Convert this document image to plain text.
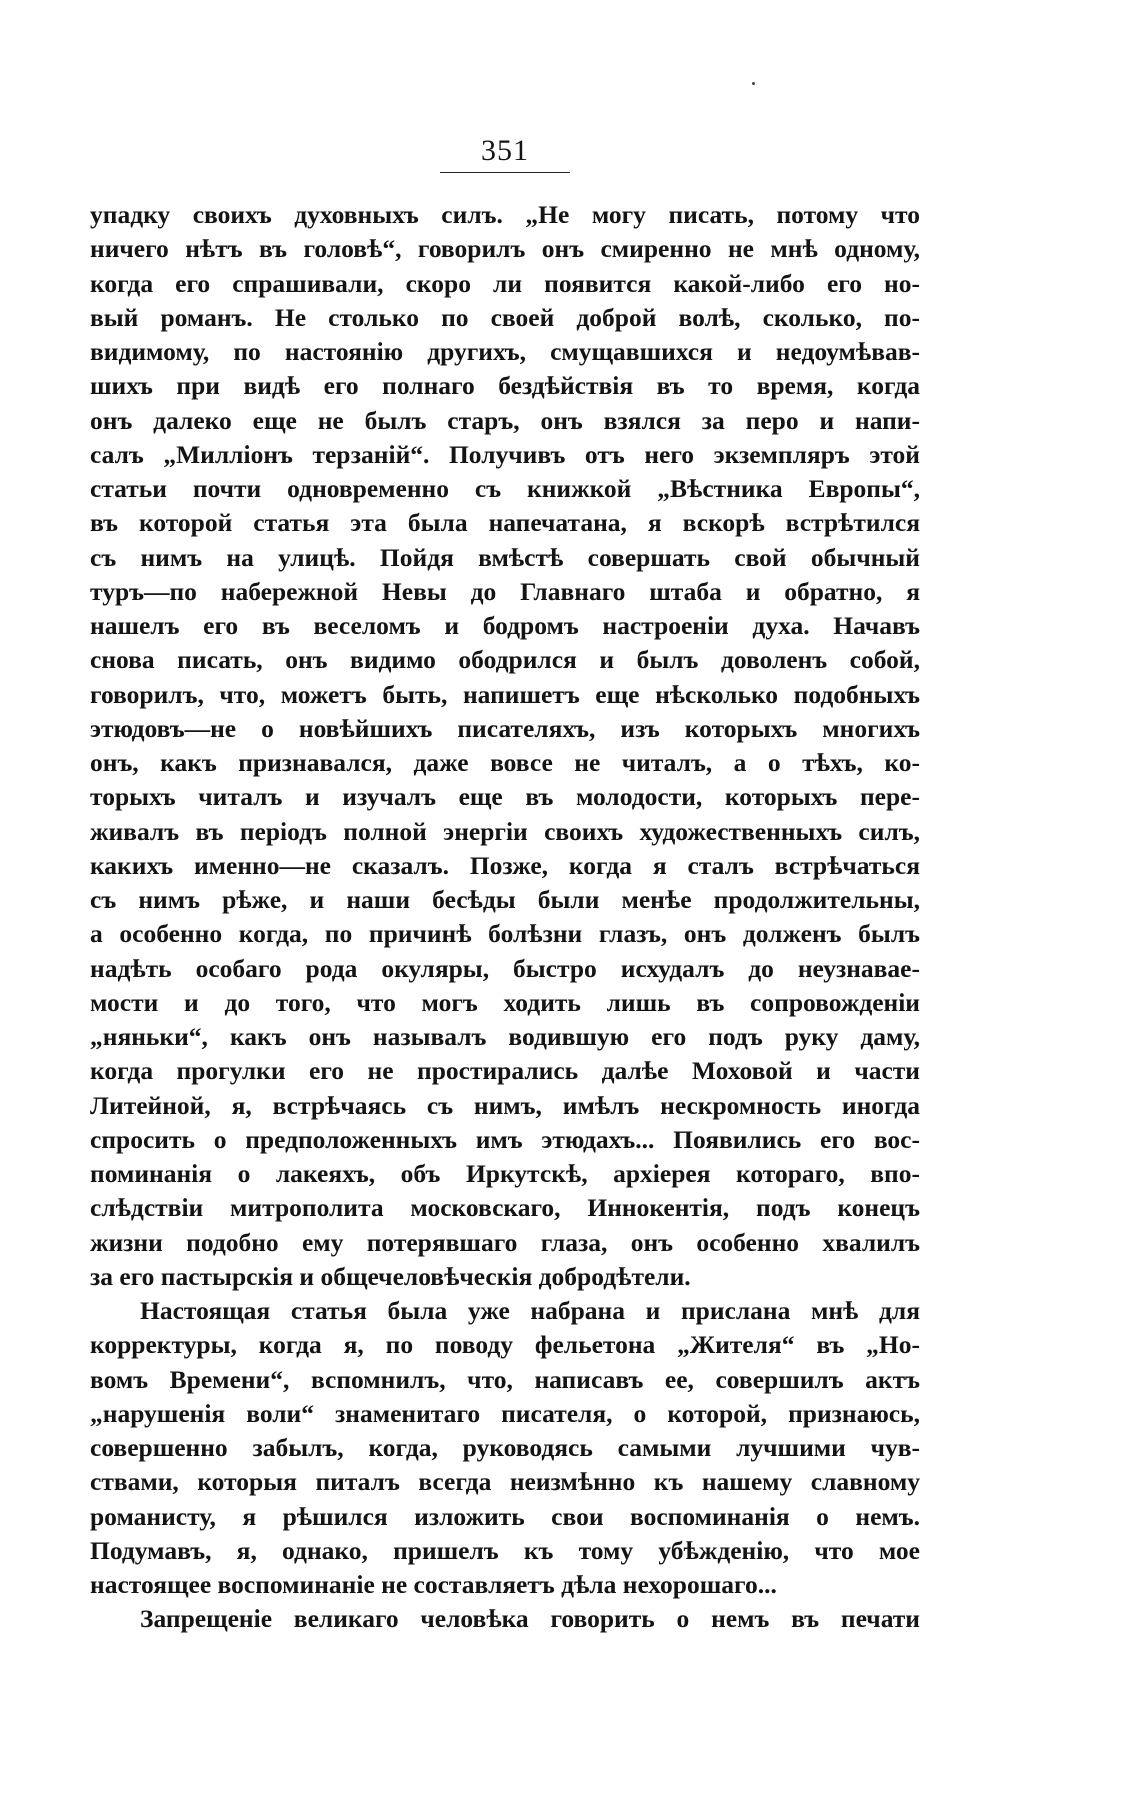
351
упадку своихъ духовныхъ силъ. „Не могу писать, потому что
ничего нѣтъ въ головѣ“, говорилъ онъ смиренно не мнѣ одному,
когда его спрашивали, скоро ли появится какой-либо его но-
вый романъ. Не столько по своей доброй волѣ, сколько, по-
видимому, по настоянію другихъ, смущавшихся и недоумѣвав-
шихъ при видѣ его полнаго бездѣйствія въ то время, когда
онъ далеко еще не былъ старъ, онъ взялся за перо и напи-
салъ „Милліонъ терзаній“. Получивъ отъ него экземпляръ этой
статьи почти одновременно съ книжкой „Вѣстника Европы“,
въ которой статья эта была напечатана, я вскорѣ встрѣтился
съ нимъ на улицѣ. Пойдя вмѣстѣ совершать свой обычный
туръ—по набережной Невы до Главнаго штаба и обратно, я
нашелъ его въ веселомъ и бодромъ настроеніи духа. Начавъ
снова писать, онъ видимо ободрился и былъ доволенъ собой,
говорилъ, что, можетъ быть, напишетъ еще нѣсколько подобныхъ
этюдовъ—не о новѣйшихъ писателяхъ, изъ которыхъ многихъ
онъ, какъ признавался, даже вовсе не читалъ, а о тѣхъ, ко-
торыхъ читалъ и изучалъ еще въ молодости, которыхъ пере-
живалъ въ періодъ полной энергіи своихъ художественныхъ силъ,
какихъ именно—не сказалъ. Позже, когда я сталъ встрѣчаться
съ нимъ рѣже, и наши бесѣды были менѣе продолжительны,
а особенно когда, по причинѣ болѣзни глазъ, онъ долженъ былъ
надѣть особаго рода окуляры, быстро исхудалъ до неузнавае-
мости и до того, что могъ ходить лишь въ сопровожденіи
„няньки“, какъ онъ называлъ водившую его подъ руку даму,
когда прогулки его не простирались далѣе Моховой и части
Литейной, я, встрѣчаясь съ нимъ, имѣлъ нескромность иногда
спросить о предположенныхъ имъ этюдахъ... Появились его вос-
поминанія о лакеяхъ, объ Иркутскѣ, архіерея котораго, впо-
слѣдствіи митрополита московскаго, Иннокентія, подъ конецъ
жизни подобно ему потерявшаго глаза, онъ особенно хвалилъ
за его пастырскія и общечеловѣческія добродѣтели.
Настоящая статья была уже набрана и прислана мнѣ для
корректуры, когда я, по поводу фельетона „Жителя“ въ „Но-
вомъ Времени“, вспомнилъ, что, написавъ ее, совершилъ актъ
„нарушенія воли“ знаменитаго писателя, о которой, признаюсь,
совершенно забылъ, когда, руководясь самыми лучшими чув-
ствами, которыя питалъ всегда неизмѣнно къ нашему славному
романисту, я рѣшился изложить свои воспоминанія о немъ.
Подумавъ, я, однако, пришелъ къ тому убѣжденію, что мое
настоящее воспоминаніе не составляетъ дѣла нехорошаго...
Запрещеніе великаго человѣка говорить о немъ въ печати
